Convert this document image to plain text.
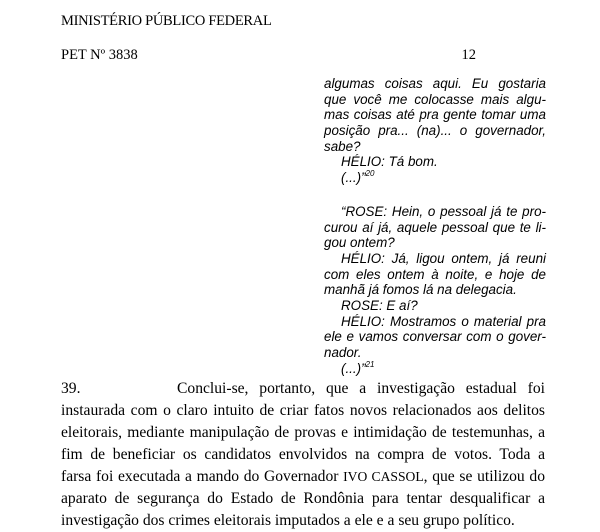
MINISTÉRIO PÚBLICO FEDERAL
PET Nº 3838	12
algumas coisas aqui. Eu gostaria
que você me colocasse mais algu-
mas coisas até pra gente tomar uma
posição pra... (na)... o governador,
sabe?
HÉLIO: Tá bom.
(...)”$^{20}$
“ROSE: Hein, o pessoal já te pro-
curou aí já, aquele pessoal que te li-
gou ontem?
HÉLIO: Já, ligou ontem, já reuni
com eles ontem à noite, e hoje de
manhã já fomos lá na delegacia.
ROSE: E aí?
HÉLIO: Mostramos o material pra
ele e vamos conversar com o gover-
nador.
(...)”$^{21}$
39.	Conclui-se, portanto, que a investigação estadual foi
instaurada com o claro intuito de criar fatos novos relacionados aos delitos
eleitorais, mediante manipulação de provas e intimidação de testemunhas, a
fim de beneficiar os candidatos envolvidos na compra de votos. Toda a
farsa foi executada a mando do Governador IVO CASSOL, que se utilizou do
aparato de segurança do Estado de Rondônia para tentar desqualificar a
investigação dos crimes eleitorais imputados a ele e a seu grupo político.
